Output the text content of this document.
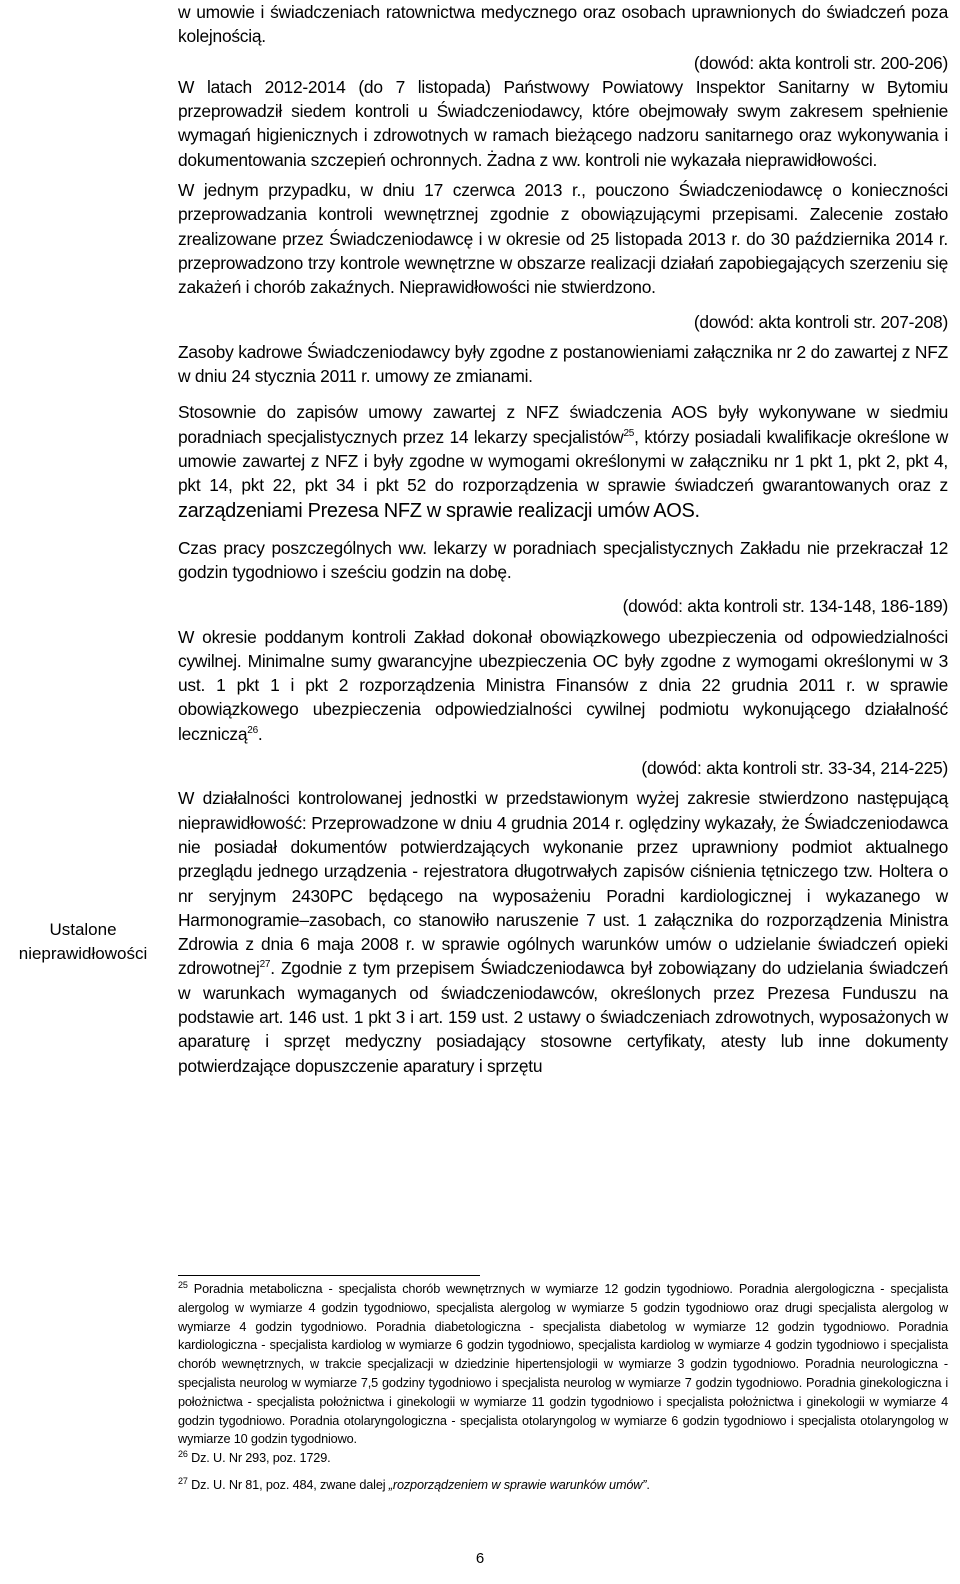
Ustalone
nieprawidłowości

w umowie i świadczeniach ratownictwa medycznego oraz osobach uprawnionych do świadczeń poza kolejnością.

(dowód: akta kontroli str. 200-206)

W latach 2012-2014 (do 7 listopada) Państwowy Powiatowy Inspektor Sanitarny w Bytomiu przeprowadził siedem kontroli u Świadczeniodawcy, które obejmowały swym zakresem spełnienie wymagań higienicznych i zdrowotnych w ramach bieżącego nadzoru sanitarnego oraz wykonywania i dokumentowania szczepień ochronnych. Żadna z ww. kontroli nie wykazała nieprawidłowości.

W jednym przypadku, w dniu 17 czerwca 2013 r., pouczono Świadczeniodawcę o konieczności przeprowadzania kontroli wewnętrznej zgodnie z obowiązującymi przepisami. Zalecenie zostało zrealizowane przez Świadczeniodawcę i w okresie od 25 listopada 2013 r. do 30 października 2014 r. przeprowadzono trzy kontrole wewnętrzne w obszarze realizacji działań zapobiegających szerzeniu się zakażeń i chorób zakaźnych. Nieprawidłowości nie stwierdzono.

(dowód: akta kontroli str. 207-208)

Zasoby kadrowe Świadczeniodawcy były zgodne z postanowieniami załącznika nr 2 do zawartej z NFZ w dniu 24 stycznia 2011 r. umowy ze zmianami.

Stosownie do zapisów umowy zawartej z NFZ świadczenia AOS były wykonywane w siedmiu poradniach specjalistycznych przez 14 lekarzy specjalistów$^{25}$, którzy posiadali kwalifikacje określone w umowie zawartej z NFZ i były zgodne w wymogami określonymi w załączniku nr 1 pkt 1, pkt 2, pkt 4, pkt 14, pkt 22, pkt 34 i pkt 52 do rozporządzenia w sprawie świadczeń gwarantowanych oraz z zarządzeniami Prezesa NFZ w sprawie realizacji umów AOS.

Czas pracy poszczególnych ww. lekarzy w poradniach specjalistycznych Zakładu nie przekraczał 12 godzin tygodniowo i sześciu godzin na dobę.

(dowód: akta kontroli str. 134-148, 186-189)

W okresie poddanym kontroli Zakład dokonał obowiązkowego ubezpieczenia od odpowiedzialności cywilnej. Minimalne sumy gwarancyjne ubezpieczenia OC były zgodne z wymogami określonymi w 3 ust. 1 pkt 1 i pkt 2 rozporządzenia Ministra Finansów z dnia 22 grudnia 2011 r. w sprawie obowiązkowego ubezpieczenia odpowiedzialności cywilnej podmiotu wykonującego działalność leczniczą$^{26}$.

(dowód: akta kontroli str. 33-34, 214-225)

W działalności kontrolowanej jednostki w przedstawionym wyżej zakresie stwierdzono następującą nieprawidłowość: Przeprowadzone w dniu 4 grudnia 2014 r. oględziny wykazały, że Świadczeniodawca nie posiadał dokumentów potwierdzających wykonanie przez uprawniony podmiot aktualnego przeglądu jednego urządzenia - rejestratora długotrwałych zapisów ciśnienia tętniczego tzw. Holtera o nr seryjnym 2430PC będącego na wyposażeniu Poradni kardiologicznej i wykazanego w Harmonogramie–zasobach, co stanowiło naruszenie 7 ust. 1 załącznika do rozporządzenia Ministra Zdrowia z dnia 6 maja 2008 r. w sprawie ogólnych warunków umów o udzielanie świadczeń opieki zdrowotnej$^{27}$. Zgodnie z tym przepisem Świadczeniodawca był zobowiązany do udzielania świadczeń w warunkach wymaganych od świadczeniodawców, określonych przez Prezesa Funduszu na podstawie art. 146 ust. 1 pkt 3 i art. 159 ust. 2 ustawy o świadczeniach zdrowotnych, wyposażonych w aparaturę i sprzęt medyczny posiadający stosowne certyfikaty, atesty lub inne dokumenty potwierdzające dopuszczenie aparatury i sprzętu

$^{25}$ Poradnia metaboliczna - specjalista chorób wewnętrznych w wymiarze 12 godzin tygodniowo. Poradnia alergologiczna - specjalista alergolog w wymiarze 4 godzin tygodniowo, specjalista alergolog w wymiarze 5 godzin tygodniowo oraz drugi specjalista alergolog w wymiarze 4 godzin tygodniowo. Poradnia diabetologiczna - specjalista diabetolog w wymiarze 12 godzin tygodniowo. Poradnia kardiologiczna - specjalista kardiolog w wymiarze 6 godzin tygodniowo, specjalista kardiolog w wymiarze 4 godzin tygodniowo i specjalista chorób wewnętrznych, w trakcie specjalizacji w dziedzinie hipertensjologii w wymiarze 3 godzin tygodniowo. Poradnia neurologiczna - specjalista neurolog w wymiarze 7,5 godziny tygodniowo i specjalista neurolog w wymiarze 7 godzin tygodniowo. Poradnia ginekologiczna i położnictwa - specjalista położnictwa i ginekologii w wymiarze 11 godzin tygodniowo i specjalista położnictwa i ginekologii w wymiarze 4 godzin tygodniowo. Poradnia otolaryngologiczna - specjalista otolaryngolog w wymiarze 6 godzin tygodniowo i specjalista otolaryngolog w wymiarze 10 godzin tygodniowo.

$^{26}$ Dz. U. Nr 293, poz. 1729.

$^{27}$ Dz. U. Nr 81, poz. 484, zwane dalej „rozporządzeniem w sprawie warunków umów”.

6
